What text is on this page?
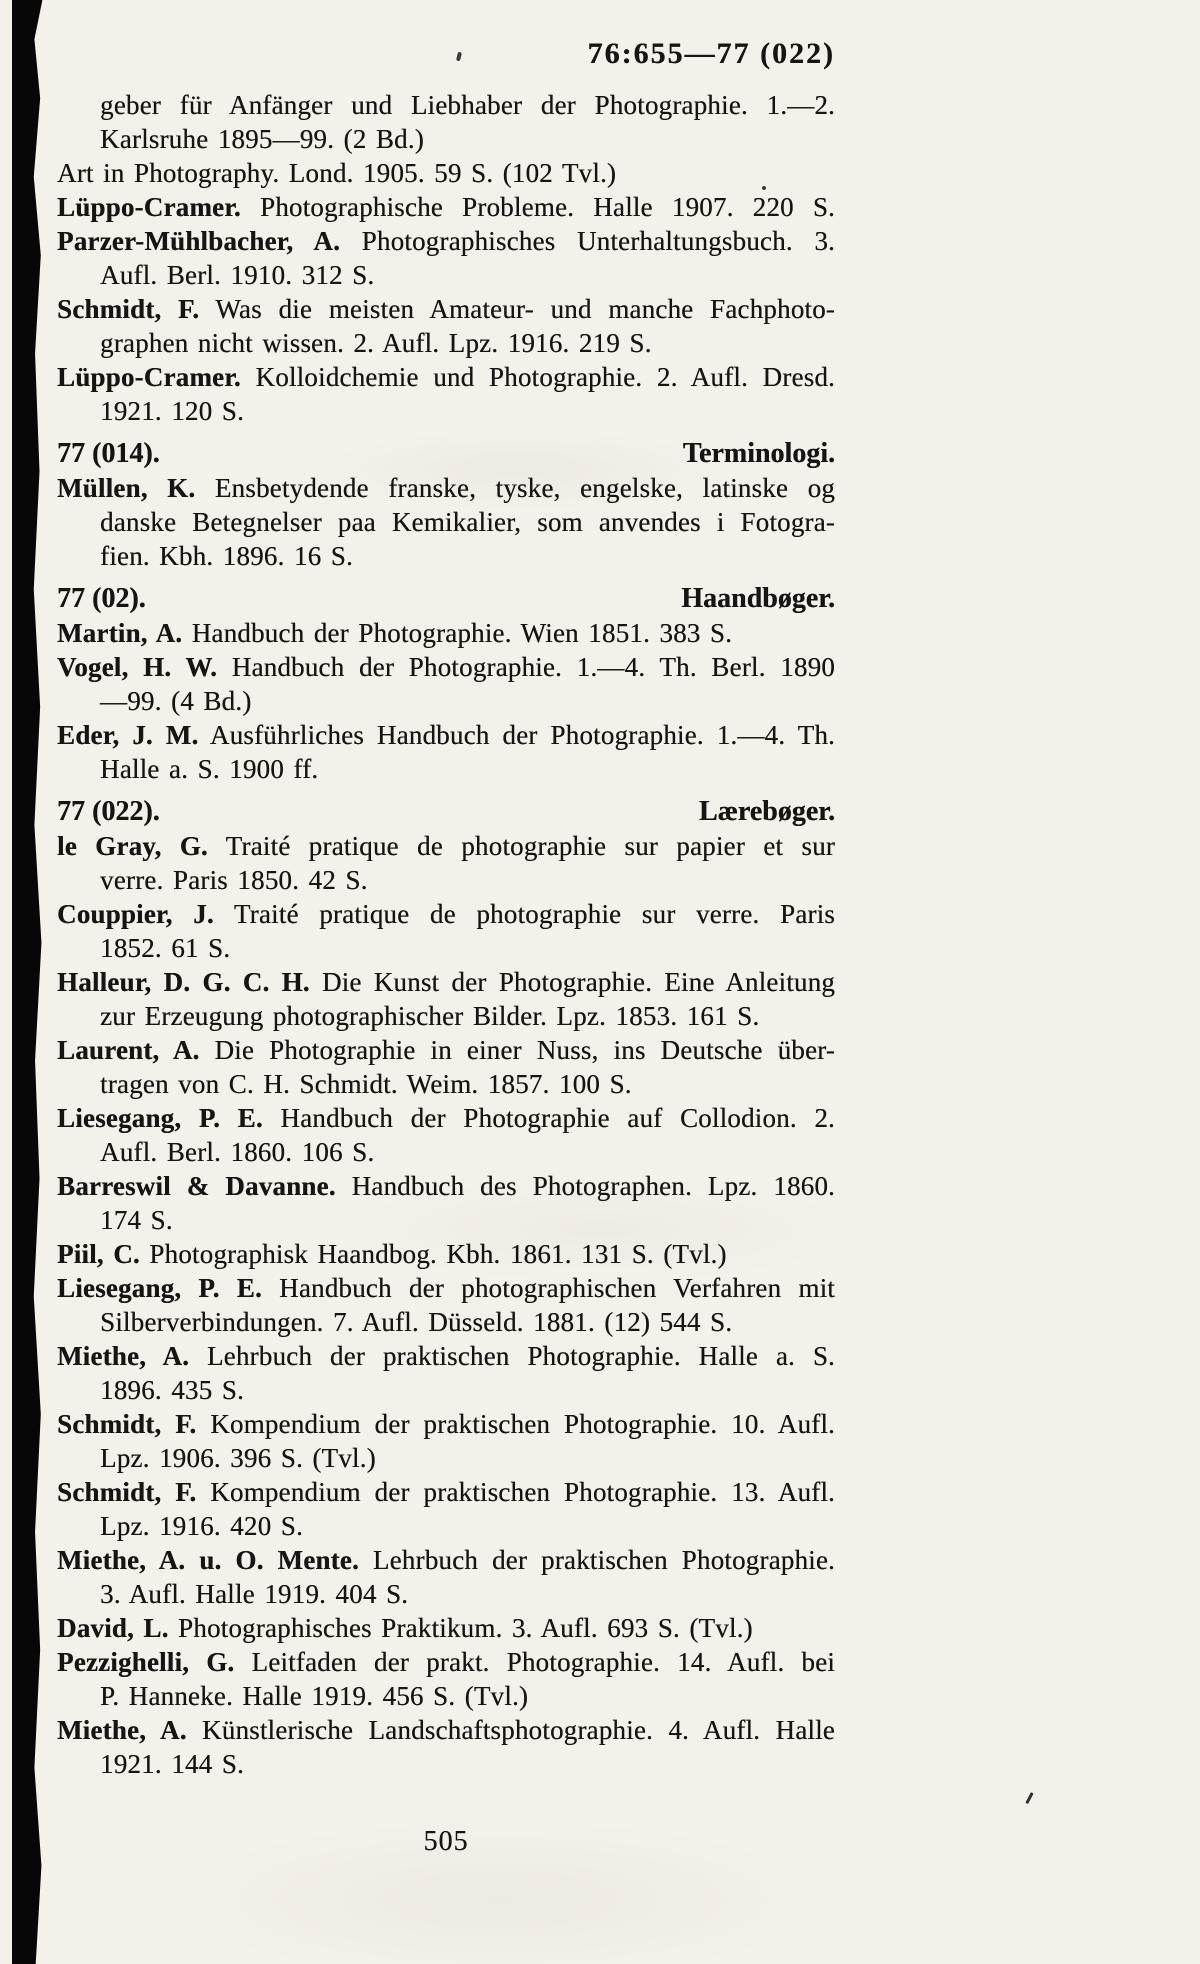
76:655—77 (022)
geber für Anfänger und Liebhaber der Photographie. 1.—2.
Karlsruhe 1895—99. (2 Bd.)
Art in Photography. Lond. 1905. 59 S. (102 Tvl.)
Lüppo-Cramer. Photographische Probleme. Halle 1907. 220 S.
Parzer-Mühlbacher, A. Photographisches Unterhaltungsbuch. 3.
Aufl. Berl. 1910. 312 S.
Schmidt, F. Was die meisten Amateur- und manche Fachphoto-
graphen nicht wissen. 2. Aufl. Lpz. 1916. 219 S.
Lüppo-Cramer. Kolloidchemie und Photographie. 2. Aufl. Dresd.
1921. 120 S.
77 (014).	Terminologi.
Müllen, K. Ensbetydende franske, tyske, engelske, latinske og
danske Betegnelser paa Kemikalier, som anvendes i Fotogra-
fien. Kbh. 1896. 16 S.
77 (02).	Haandbøger.
Martin, A. Handbuch der Photographie. Wien 1851. 383 S.
Vogel, H. W. Handbuch der Photographie. 1.—4. Th. Berl. 1890
—99. (4 Bd.)
Eder, J. M. Ausführliches Handbuch der Photographie. 1.—4. Th.
Halle a. S. 1900 ff.
77 (022).	Lærebøger.
le Gray, G. Traité pratique de photographie sur papier et sur
verre. Paris 1850. 42 S.
Couppier, J. Traité pratique de photographie sur verre. Paris
1852. 61 S.
Halleur, D. G. C. H. Die Kunst der Photographie. Eine Anleitung
zur Erzeugung photographischer Bilder. Lpz. 1853. 161 S.
Laurent, A. Die Photographie in einer Nuss, ins Deutsche über-
tragen von C. H. Schmidt. Weim. 1857. 100 S.
Liesegang, P. E. Handbuch der Photographie auf Collodion. 2.
Aufl. Berl. 1860. 106 S.
Barreswil & Davanne. Handbuch des Photographen. Lpz. 1860.
174 S.
Piil, C. Photographisk Haandbog. Kbh. 1861. 131 S. (Tvl.)
Liesegang, P. E. Handbuch der photographischen Verfahren mit
Silberverbindungen. 7. Aufl. Düsseld. 1881. (12) 544 S.
Miethe, A. Lehrbuch der praktischen Photographie. Halle a. S.
1896. 435 S.
Schmidt, F. Kompendium der praktischen Photographie. 10. Aufl.
Lpz. 1906. 396 S. (Tvl.)
Schmidt, F. Kompendium der praktischen Photographie. 13. Aufl.
Lpz. 1916. 420 S.
Miethe, A. u. O. Mente. Lehrbuch der praktischen Photographie.
3. Aufl. Halle 1919. 404 S.
David, L. Photographisches Praktikum. 3. Aufl. 693 S. (Tvl.)
Pezzighelli, G. Leitfaden der prakt. Photographie. 14. Aufl. bei
P. Hanneke. Halle 1919. 456 S. (Tvl.)
Miethe, A. Künstlerische Landschaftsphotographie. 4. Aufl. Halle
1921. 144 S.
505
